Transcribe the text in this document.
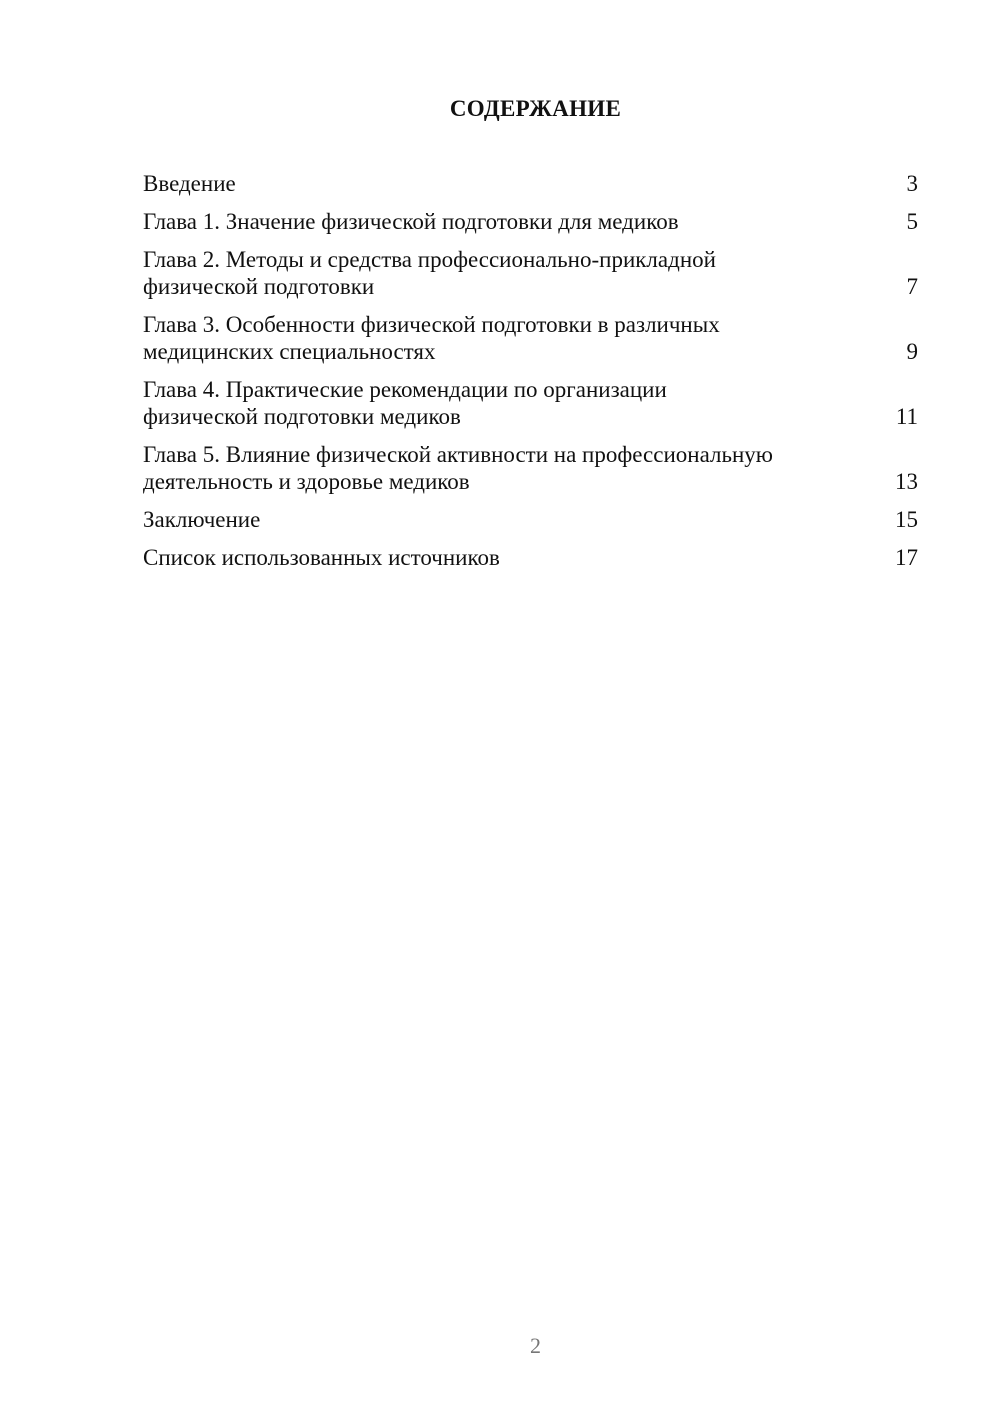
СОДЕРЖАНИЕ
Введение	3
Глава 1. Значение физической подготовки для медиков	5
Глава 2. Методы и средства профессионально-прикладной
физической подготовки	7
Глава 3. Особенности физической подготовки в различных
медицинских специальностях	9
Глава 4. Практические рекомендации по организации
физической подготовки медиков	11
Глава 5. Влияние физической активности на профессиональную
деятельность и здоровье медиков	13
Заключение	15
Список использованных источников	17
2
